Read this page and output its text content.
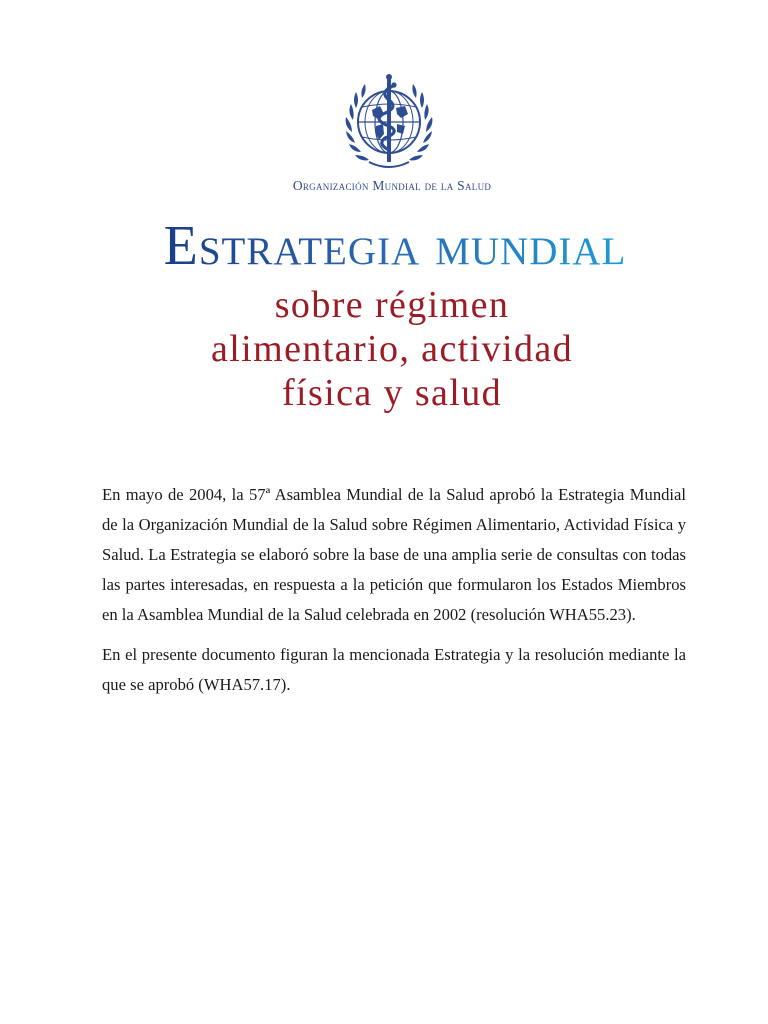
Organización Mundial de la Salud
Estrategia mundial
sobre régimen
alimentario, actividad
física y salud

En mayo de 2004, la 57ª Asamblea Mundial de la Salud aprobó la Estrategia Mundial de la Organización Mundial de la Salud sobre Régimen Alimentario, Actividad Física y Salud. La Estrategia se elaboró sobre la base de una amplia serie de consultas con todas las partes interesadas, en respuesta a la petición que formularon los Estados Miembros en la Asamblea Mundial de la Salud celebrada en 2002 (resolución WHA55.23).

En el presente documento figuran la mencionada Estrategia y la resolución mediante la que se aprobó (WHA57.17).
